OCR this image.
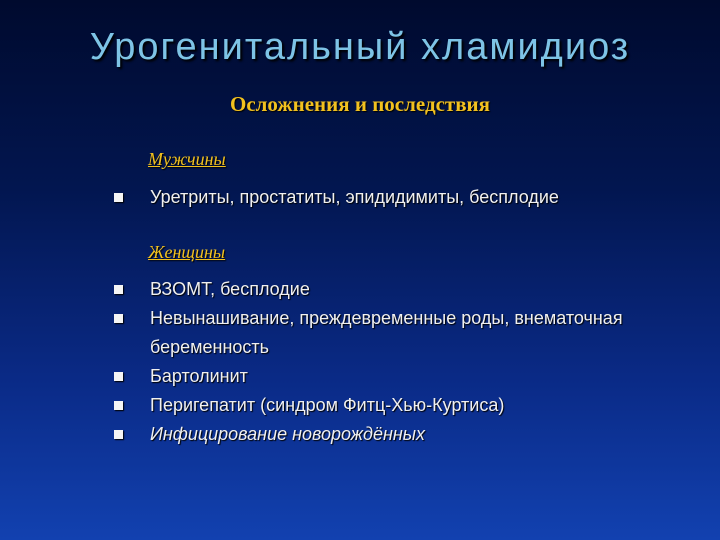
Урогенитальный хламидиоз
Осложнения и последствия
Мужчины
Уретриты, простатиты, эпидидимиты, бесплодие
Женщины
ВЗОМТ, бесплодие
Невынашивание, преждевременные роды, внематочная беременность
Бартолинит
Перигепатит (синдром Фитц-Хью-Куртиса)
Инфицирование новорождённых
